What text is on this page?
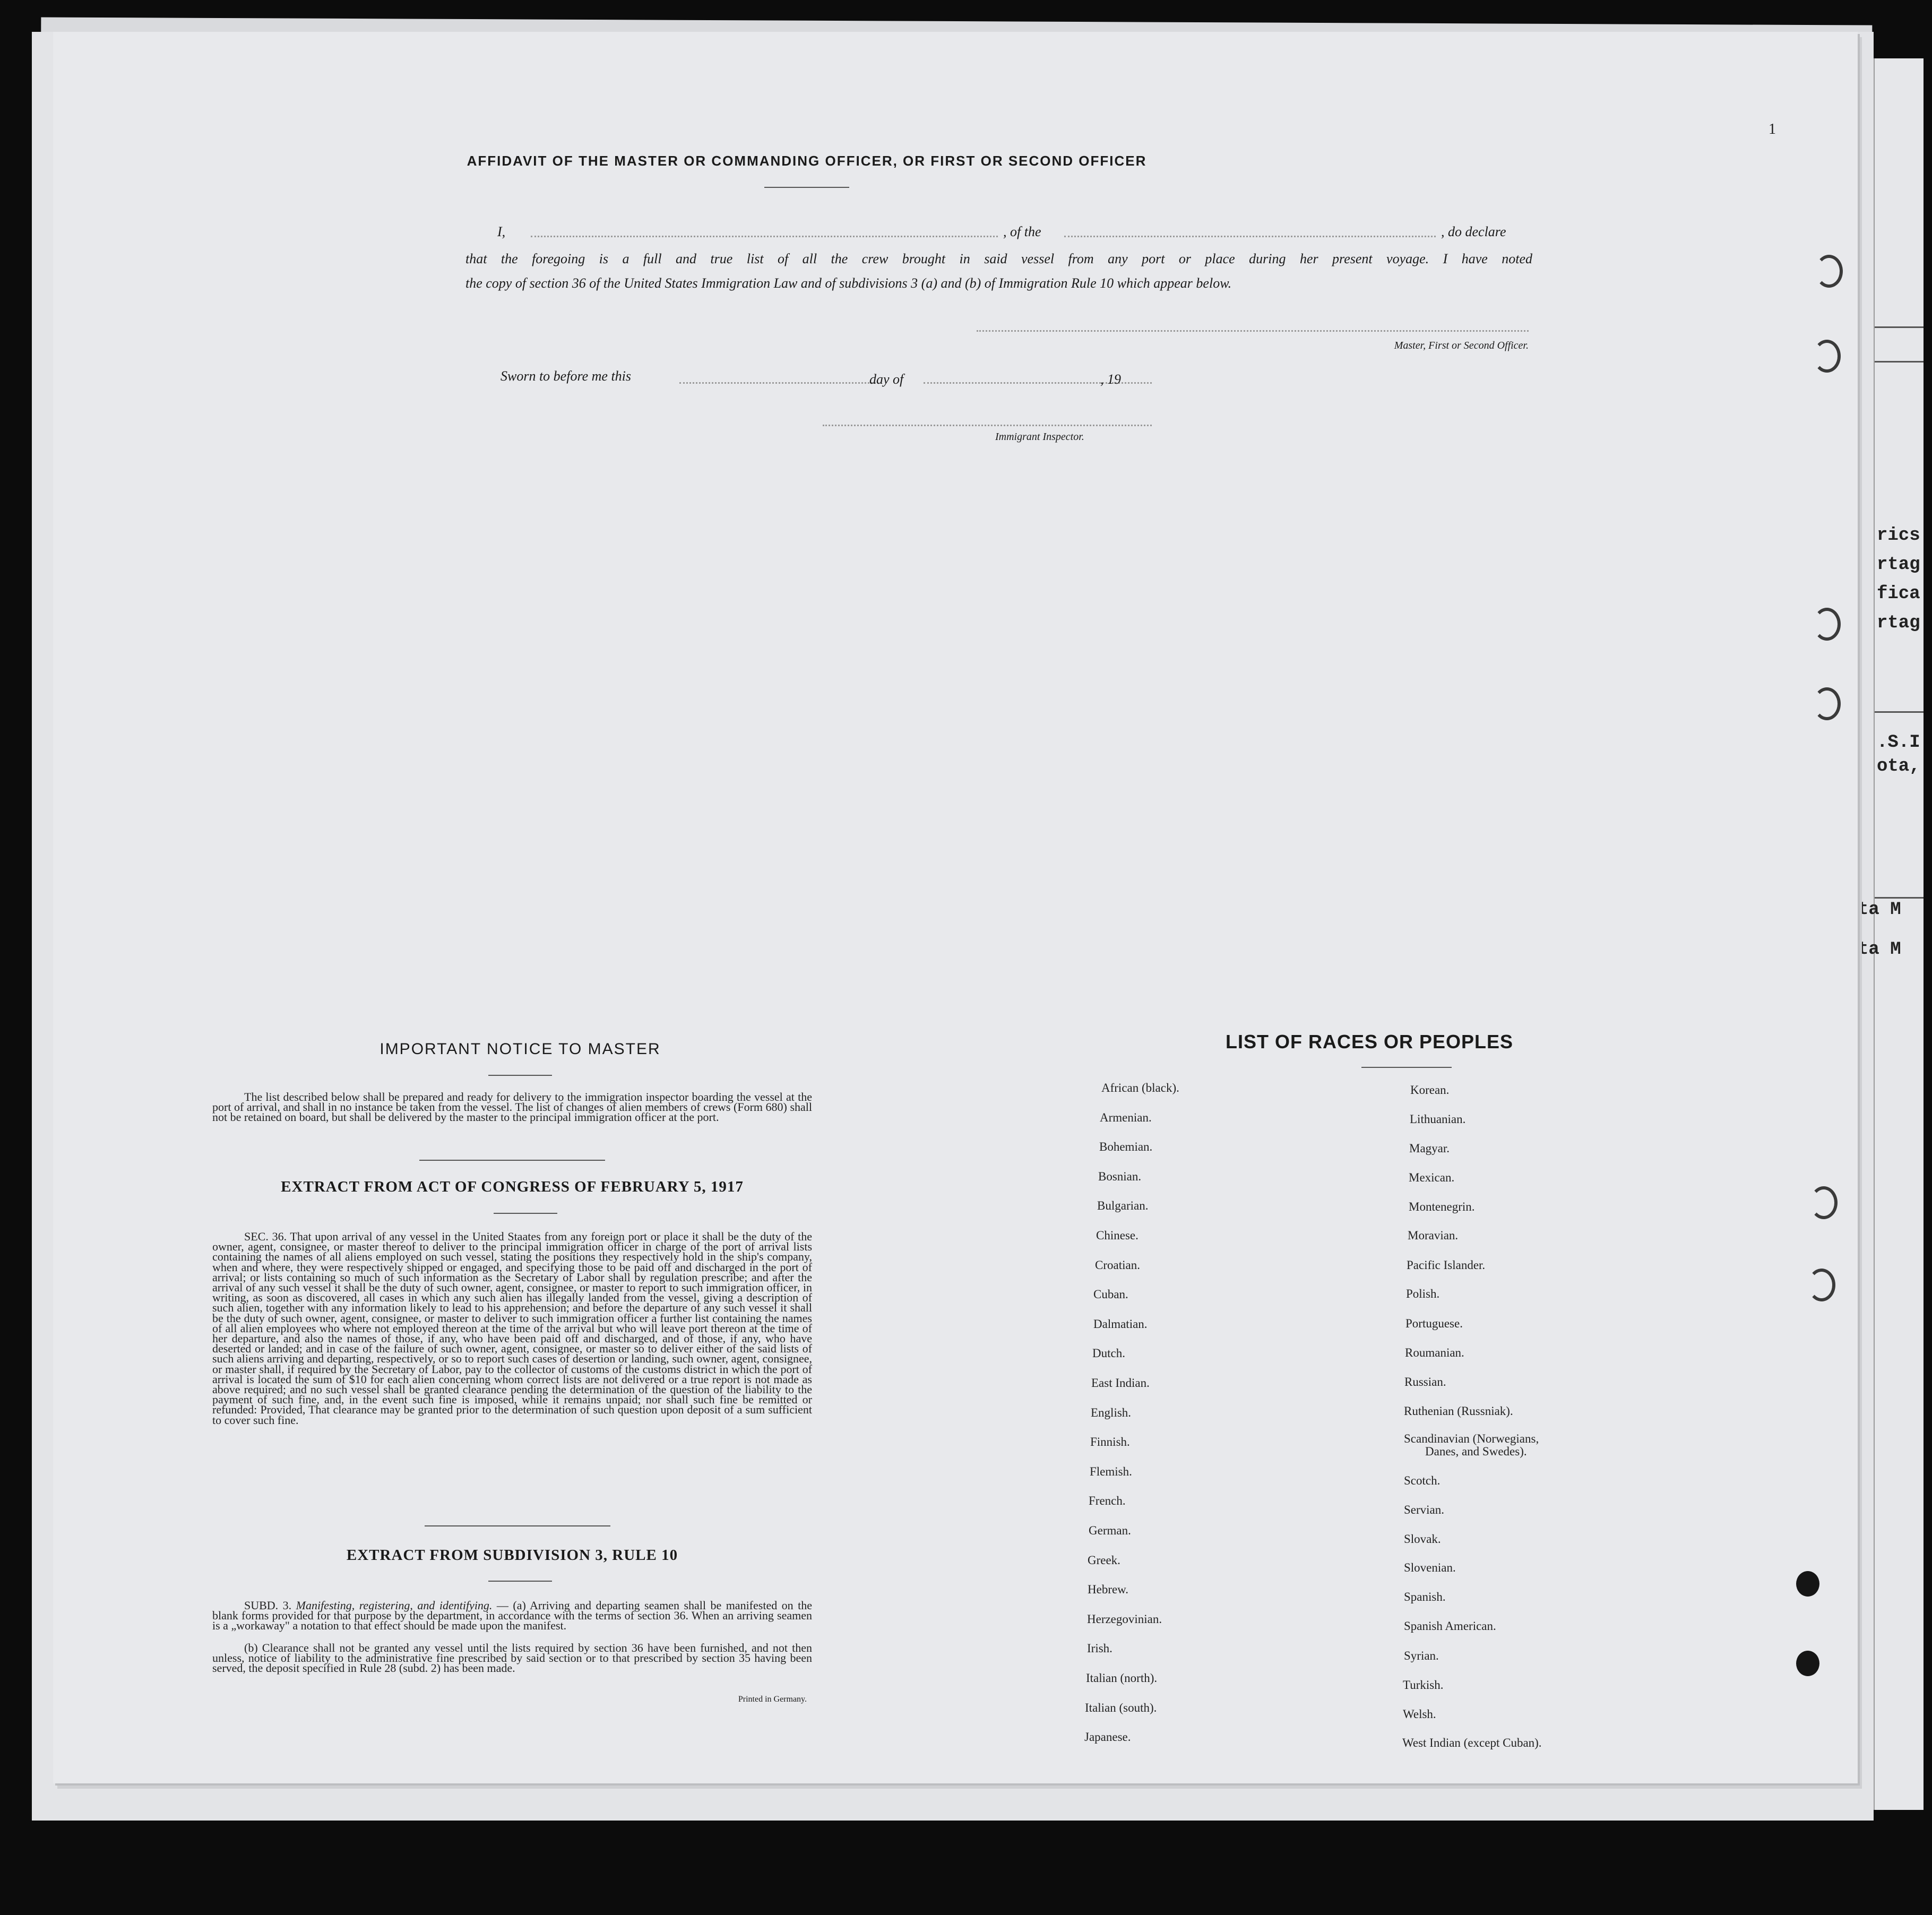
rics
rtag
fica
rtag
.S.I
ota,
ta M
ta M
1
AFFIDAVIT OF THE MASTER OR COMMANDING OFFICER, OR FIRST OR SECOND OFFICER
I,	, of the	, do declare
that the foregoing is a full and true list of all the crew brought in said vessel from any port or place during her present voyage. I have noted
the copy of section 36 of the United States Immigration Law and of subdivisions 3 (a) and (b) of Immigration Rule 10 which appear below.
Master, First or Second Officer.
Sworn to before me this	day of	, 19
Immigrant Inspector.
IMPORTANT NOTICE TO MASTER
The list described below shall be prepared and ready for delivery to the immigration inspector boarding the vessel at the port of arrival, and shall in no instance be taken from the vessel. The list of changes of alien members of crews (Form 680) shall not be retained on board, but shall be delivered by the master to the principal immigration officer at the port.
EXTRACT FROM ACT OF CONGRESS OF FEBRUARY 5, 1917
SEC. 36. That upon arrival of any vessel in the United Staates from any foreign port or place it shall be the duty of the owner, agent, consignee, or master thereof to deliver to the principal immigration officer in charge of the port of arrival lists containing the names of all aliens employed on such vessel, stating the positions they respectively hold in the ship's company, when and where, they were respectively shipped or engaged, and specifying those to be paid off and discharged in the port of arrival; or lists containing so much of such information as the Secretary of Labor shall by regulation prescribe; and after the arrival of any such vessel it shall be the duty of such owner, agent, consignee, or master to report to such immigration officer, in writing, as soon as discovered, all cases in which any such alien has illegally landed from the vessel, giving a description of such alien, together with any information likely to lead to his apprehension; and before the departure of any such vessel it shall be the duty of such owner, agent, consignee, or master to deliver to such immigration officer a further list containing the names of all alien employees who where not employed thereon at the time of the arrival but who will leave port thereon at the time of her departure, and also the names of those, if any, who have been paid off and discharged, and of those, if any, who have deserted or landed; and in case of the failure of such owner, agent, consignee, or master so to deliver either of the said lists of such aliens arriving and departing, respectively, or so to report such cases of desertion or landing, such owner, agent, consignee, or master shall, if required by the Secretary of Labor, pay to the collector of customs of the customs district in which the port of arrival is located the sum of $10 for each alien concerning whom correct lists are not delivered or a true report is not made as above required; and no such vessel shall be granted clearance pending the determination of the question of the liability to the payment of such fine, and, in the event such fine is imposed, while it remains unpaid; nor shall such fine be remitted or refunded: Provided, That clearance may be granted prior to the determination of such question upon deposit of a sum sufficient to cover such fine.
EXTRACT FROM SUBDIVISION 3, RULE 10
SUBD. 3. Manifesting, registering, and identifying. — (a) Arriving and departing seamen shall be manifested on the blank forms provided for that purpose by the department, in accordance with the terms of section 36. When an arriving seamen is a „workaway" a notation to that effect should be made upon the manifest.
(b) Clearance shall not be granted any vessel until the lists required by section 36 have been furnished, and not then unless, notice of liability to the administrative fine prescribed by said section or to that prescribed by section 35 having been served, the deposit specified in Rule 28 (subd. 2) has been made.
Printed in Germany.
LIST OF RACES OR PEOPLES
African (black).
Armenian.
Bohemian.
Bosnian.
Bulgarian.
Chinese.
Croatian.
Cuban.
Dalmatian.
Dutch.
East Indian.
English.
Finnish.
Flemish.
French.
German.
Greek.
Hebrew.
Herzegovinian.
Irish.
Italian (north).
Italian (south).
Japanese.
Korean.
Lithuanian.
Magyar.
Mexican.
Montenegrin.
Moravian.
Pacific Islander.
Polish.
Portuguese.
Roumanian.
Russian.
Ruthenian (Russniak).
Scandinavian (Norwegians,
Danes, and Swedes).
Scotch.
Servian.
Slovak.
Slovenian.
Spanish.
Spanish American.
Syrian.
Turkish.
Welsh.
West Indian (except Cuban).
